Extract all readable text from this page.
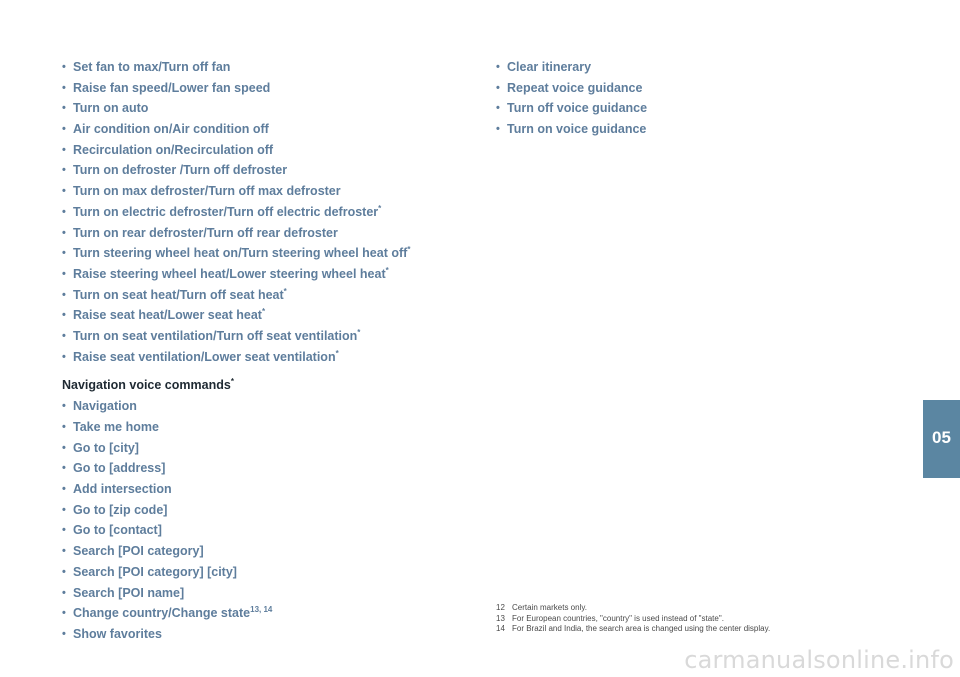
• Set fan to max/Turn off fan
• Raise fan speed/Lower fan speed
• Turn on auto
• Air condition on/Air condition off
• Recirculation on/Recirculation off
• Turn on defroster /Turn off defroster
• Turn on max defroster/Turn off max defroster
• Turn on electric defroster/Turn off electric defroster*
• Turn on rear defroster/Turn off rear defroster
• Turn steering wheel heat on/Turn steering wheel heat off*
• Raise steering wheel heat/Lower steering wheel heat*
• Turn on seat heat/Turn off seat heat*
• Raise seat heat/Lower seat heat*
• Turn on seat ventilation/Turn off seat ventilation*
• Raise seat ventilation/Lower seat ventilation*
Navigation voice commands*
• Navigation
• Take me home
• Go to [city]
• Go to [address]
• Add intersection
• Go to [zip code]
• Go to [contact]
• Search [POI category]
• Search [POI category] [city]
• Search [POI name]
• Change country/Change state$^{13, 14}$
• Show favorites
• Clear itinerary
• Repeat voice guidance
• Turn off voice guidance
• Turn on voice guidance
12 Certain markets only.
13 For European countries, "country" is used instead of "state".
14 For Brazil and India, the search area is changed using the center display.
05
carmanualsonline.info
